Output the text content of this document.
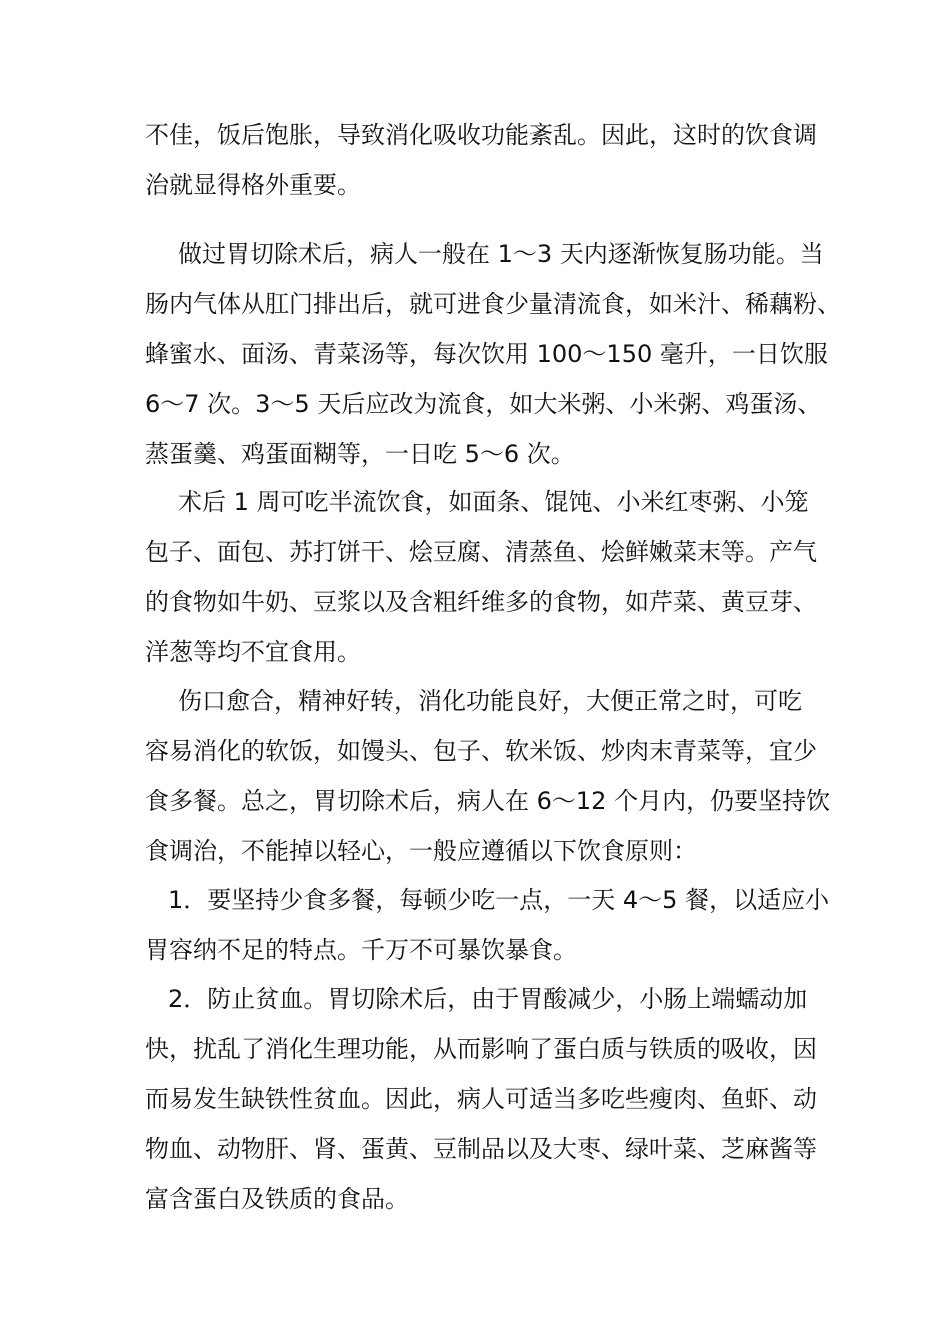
不佳，饭后饱胀，导致消化吸收功能紊乱。因此，这时的饮食调
治就显得格外重要。
做过胃切除术后，病人一般在 1～3 天内逐渐恢复肠功能。当
肠内气体从肛门排出后，就可进食少量清流食，如米汁、稀藕粉、
蜂蜜水、面汤、青菜汤等，每次饮用 100～150 毫升，一日饮服
6～7 次。3～5 天后应改为流食，如大米粥、小米粥、鸡蛋汤、
蒸蛋羹、鸡蛋面糊等，一日吃 5～6 次。
术后 1 周可吃半流饮食，如面条、馄饨、小米红枣粥、小笼
包子、面包、苏打饼干、烩豆腐、清蒸鱼、烩鲜嫩菜末等。产气
的食物如牛奶、豆浆以及含粗纤维多的食物，如芹菜、黄豆芽、
洋葱等均不宜食用。
伤口愈合，精神好转，消化功能良好，大便正常之时，可吃
容易消化的软饭，如馒头、包子、软米饭、炒肉末青菜等，宜少
食多餐。总之，胃切除术后，病人在 6～12 个月内，仍要坚持饮
食调治，不能掉以轻心，一般应遵循以下饮食原则：
1．要坚持少食多餐，每顿少吃一点，一天 4～5 餐，以适应小
胃容纳不足的特点。千万不可暴饮暴食。
2．防止贫血。胃切除术后，由于胃酸减少，小肠上端蠕动加
快，扰乱了消化生理功能，从而影响了蛋白质与铁质的吸收，因
而易发生缺铁性贫血。因此，病人可适当多吃些瘦肉、鱼虾、动
物血、动物肝、肾、蛋黄、豆制品以及大枣、绿叶菜、芝麻酱等
富含蛋白及铁质的食品。
